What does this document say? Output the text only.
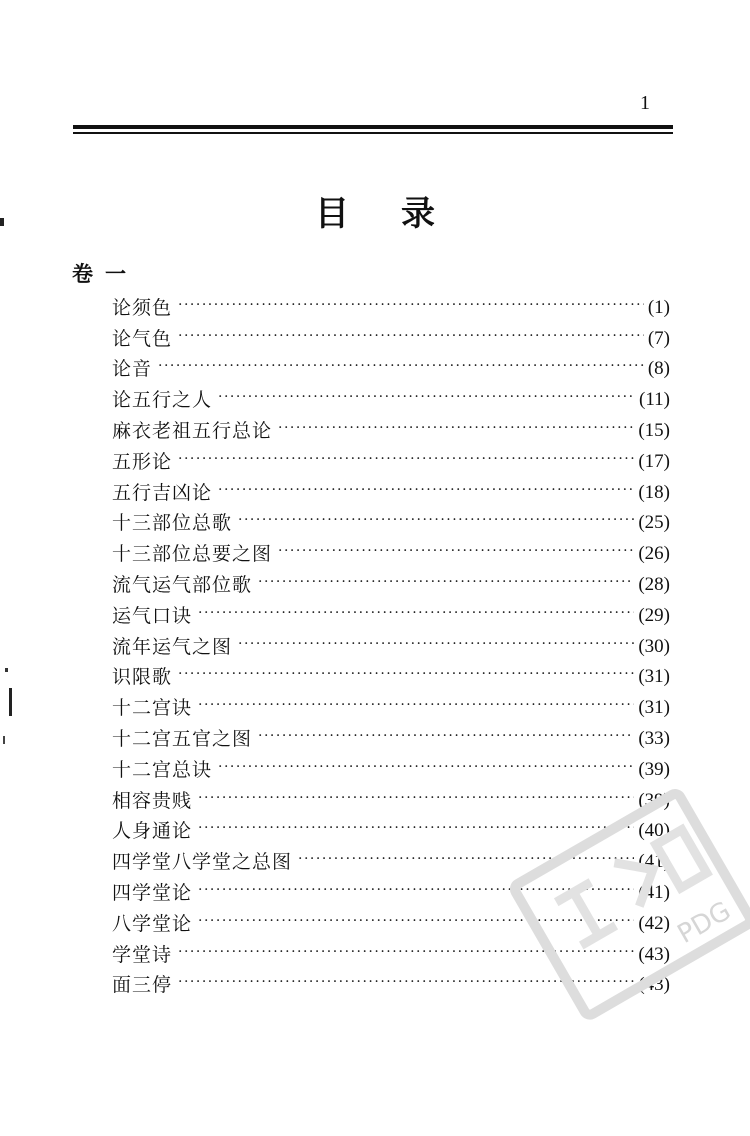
1
目录
卷一
论须色 ·····	(1)
论气色 ·····	(7)
论音 ·····	(8)
论五行之人 ·····	(11)
麻衣老祖五行总论 ·····	(15)
五形论 ·····	(17)
五行吉凶论 ·····	(18)
十三部位总歌 ·····	(25)
十三部位总要之图 ·····	(26)
流气运气部位歌 ·····	(28)
运气口诀 ·····	(29)
流年运气之图 ·····	(30)
识限歌 ·····	(31)
十二宫诀 ·····	(31)
十二宫五官之图 ·····	(33)
十二宫总诀 ·····	(39)
相容贵贱 ·····	(39)
人身通论 ·····	(40)
四学堂八学堂之总图 ·····	(41)
四学堂论 ·····	(41)
八学堂论 ·····	(42)
学堂诗 ·····	(43)
面三停 ·····	(43)
PDG
